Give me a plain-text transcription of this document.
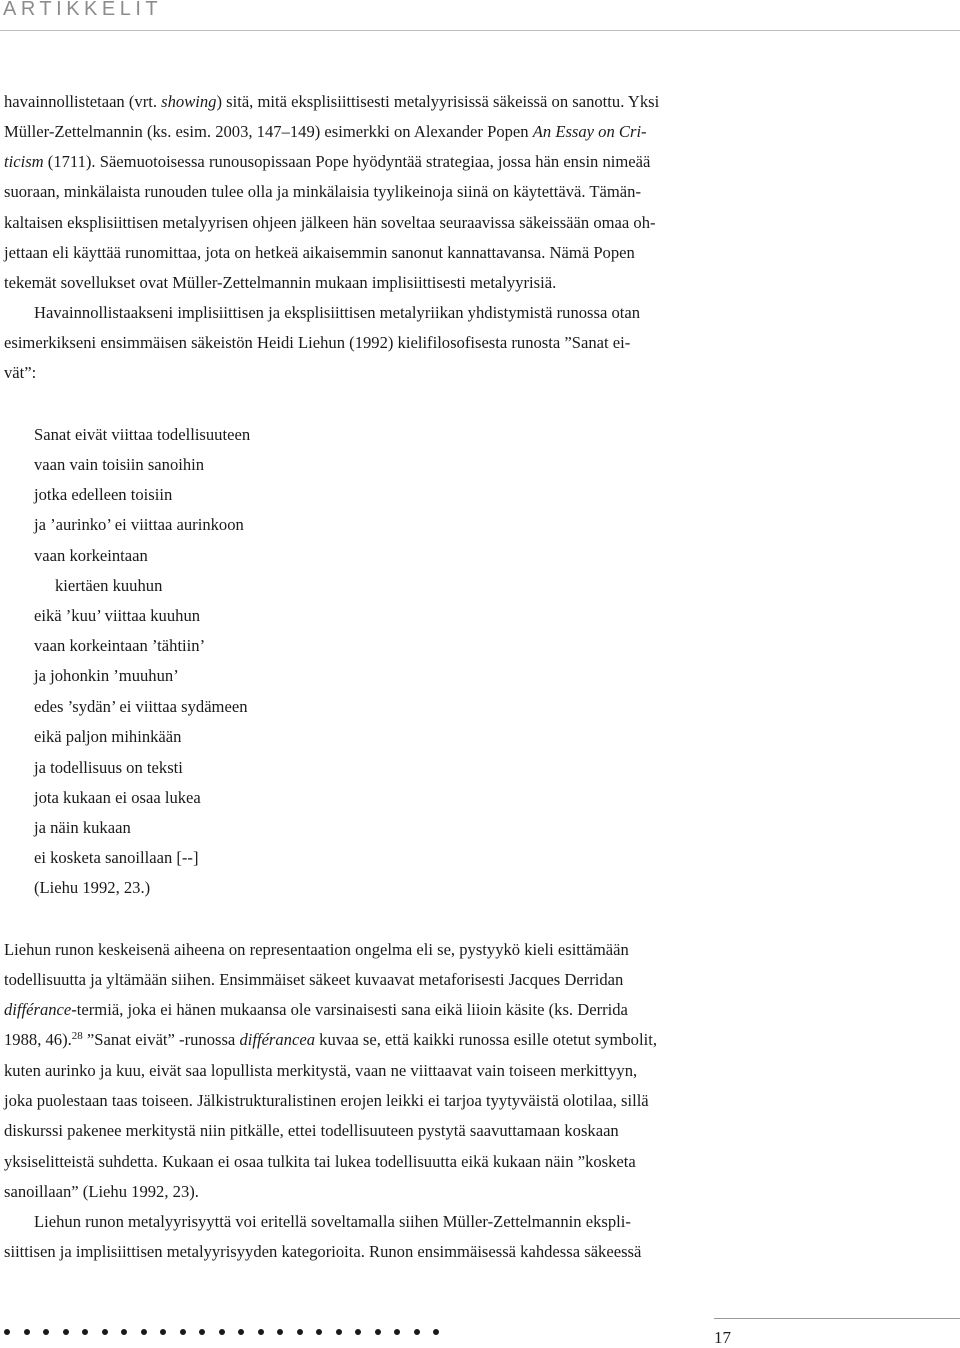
ARTIKKELIT

havainnollistetaan (vrt. showing) sitä, mitä eksplisiittisesti metalyyrisissä säkeissä on sanottu. Yksi

Müller-Zettelmannin (ks. esim. 2003, 147–149) esimerkki on Alexander Popen An Essay on Cri-

ticism (1711). Säemuotoisessa runousopissaan Pope hyödyntää strategiaa, jossa hän ensin nimeää

suoraan, minkälaista runouden tulee olla ja minkälaisia tyylikeinoja siinä on käytettävä. Tämän-

kaltaisen eksplisiittisen metalyyrisen ohjeen jälkeen hän soveltaa seuraavissa säkeissään omaa oh-

jettaan eli käyttää runomittaa, jota on hetkeä aikaisemmin sanonut kannattavansa. Nämä Popen

tekemät sovellukset ovat Müller-Zettelmannin mukaan implisiittisesti metalyyrisiä.

Havainnollistaakseni implisiittisen ja eksplisiittisen metalyriikan yhdistymistä runossa otan

esimerkikseni ensimmäisen säkeistön Heidi Liehun (1992) kielifilosofisesta runosta ”Sanat ei-

vät”:

Sanat eivät viittaa todellisuuteen

vaan vain toisiin sanoihin

jotka edelleen toisiin

ja ’aurinko’ ei viittaa aurinkoon

vaan korkeintaan

kiertäen kuuhun

eikä ’kuu’ viittaa kuuhun

vaan korkeintaan ’tähtiin’

ja johonkin ’muuhun’

edes ’sydän’ ei viittaa sydämeen

eikä paljon mihinkään

ja todellisuus on teksti

jota kukaan ei osaa lukea

ja näin kukaan

ei kosketa sanoillaan [--]

(Liehu 1992, 23.)

Liehun runon keskeisenä aiheena on representaation ongelma eli se, pystyykö kieli esittämään

todellisuutta ja yltämään siihen. Ensimmäiset säkeet kuvaavat metaforisesti Jacques Derridan

différance-termiä, joka ei hänen mukaansa ole varsinaisesti sana eikä liioin käsite (ks. Derrida

1988, 46).$^{28}$ ”Sanat eivät” -runossa différancea kuvaa se, että kaikki runossa esille otetut symbolit,

kuten aurinko ja kuu, eivät saa lopullista merkitystä, vaan ne viittaavat vain toiseen merkittyyn,

joka puolestaan taas toiseen. Jälkistrukturalistinen erojen leikki ei tarjoa tyytyväistä olotilaa, sillä

diskurssi pakenee merkitystä niin pitkälle, ettei todellisuuteen pystytä saavuttamaan koskaan

yksiselitteistä suhdetta. Kukaan ei osaa tulkita tai lukea todellisuutta eikä kukaan näin ”kosketa

sanoillaan” (Liehu 1992, 23).

Liehun runon metalyyrisyyttä voi eritellä soveltamalla siihen Müller-Zettelmannin ekspli-

siittisen ja implisiittisen metalyyrisyyden kategorioita. Runon ensimmäisessä kahdessa säkeessä

17
